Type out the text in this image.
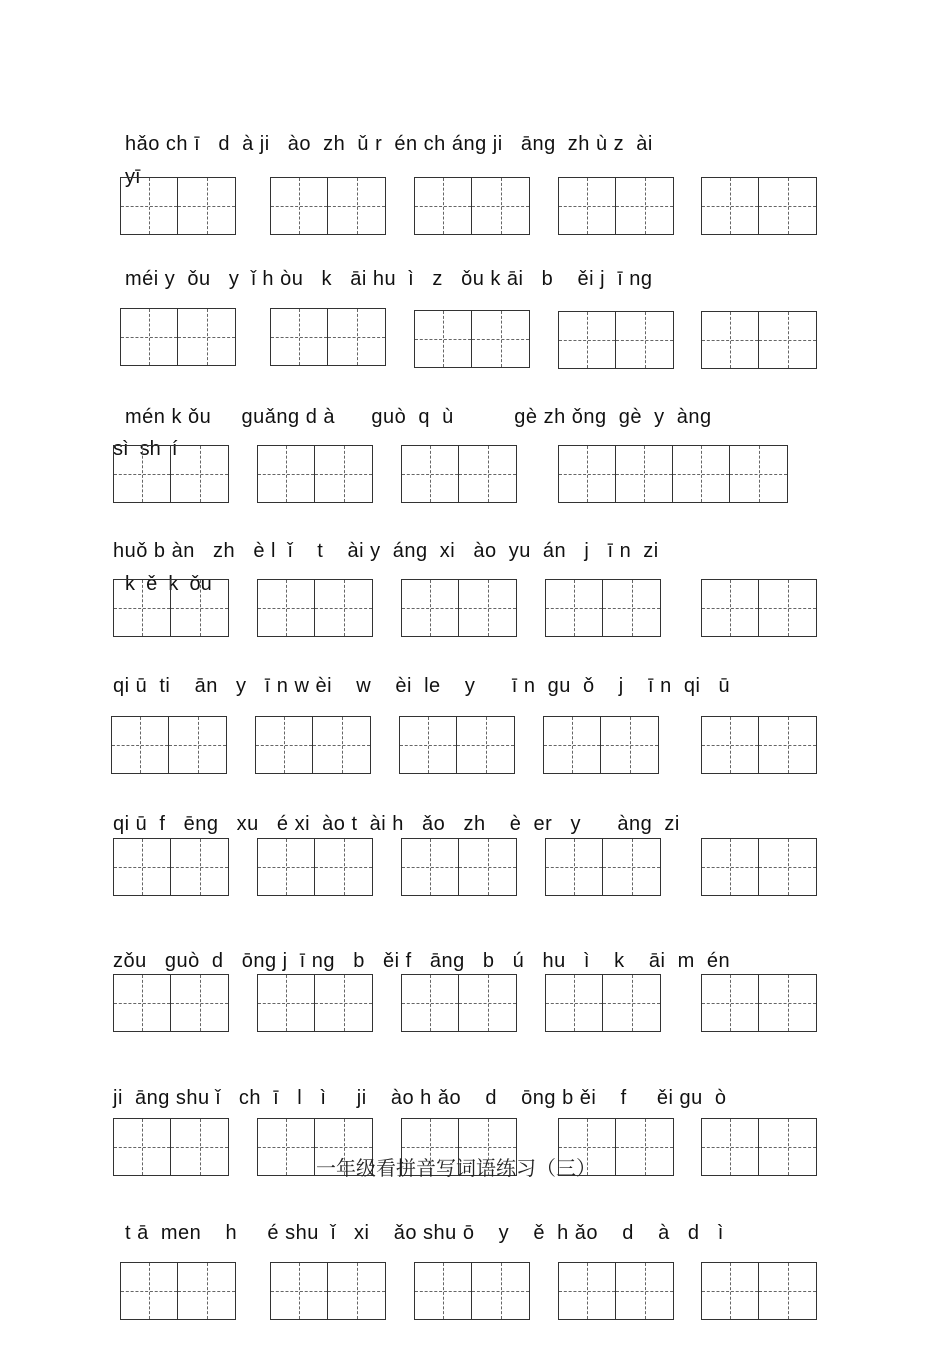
hǎo ch ī   d  à ji   ào  zh  ǔ r  én ch áng ji   āng  zh ù z  ài
yī
méi y  ǒu   y  ǐ h òu   k   āi hu  ì   z   ǒu k āi   b    ěi j  ī ng
mén k ǒu     guǎng d à      guò  q  ù          gè zh ǒng  gè  y  àng
sì  sh  í
huǒ b àn   zh   è l  ǐ    t    ài y  áng  xi   ào  yu  án   j   ī n  zi
k  ě  k  ǒu
qi ū  ti    ān   y   ī n w èi    w    èi  le    y      ī n  gu  ǒ    j    ī n  qi   ū
qi ū  f   ēng   xu   é xi  ào t  ài h   ǎo   zh    è  er   y      àng  zi
zǒu   guò  d   ōng j  ī ng   b   ěi f   āng   b   ú   hu   ì    k    āi  m  én
ji  āng shu ǐ   ch  ī   l   ì     ji    ào h ǎo    d    ōng b ěi    f     ěi gu  ò
一年级看拼音写词语练习（三）
t ā  men    h     é shu  ǐ   xi    ǎo shu ō    y    ě  h ǎo    d    à   d   ì
